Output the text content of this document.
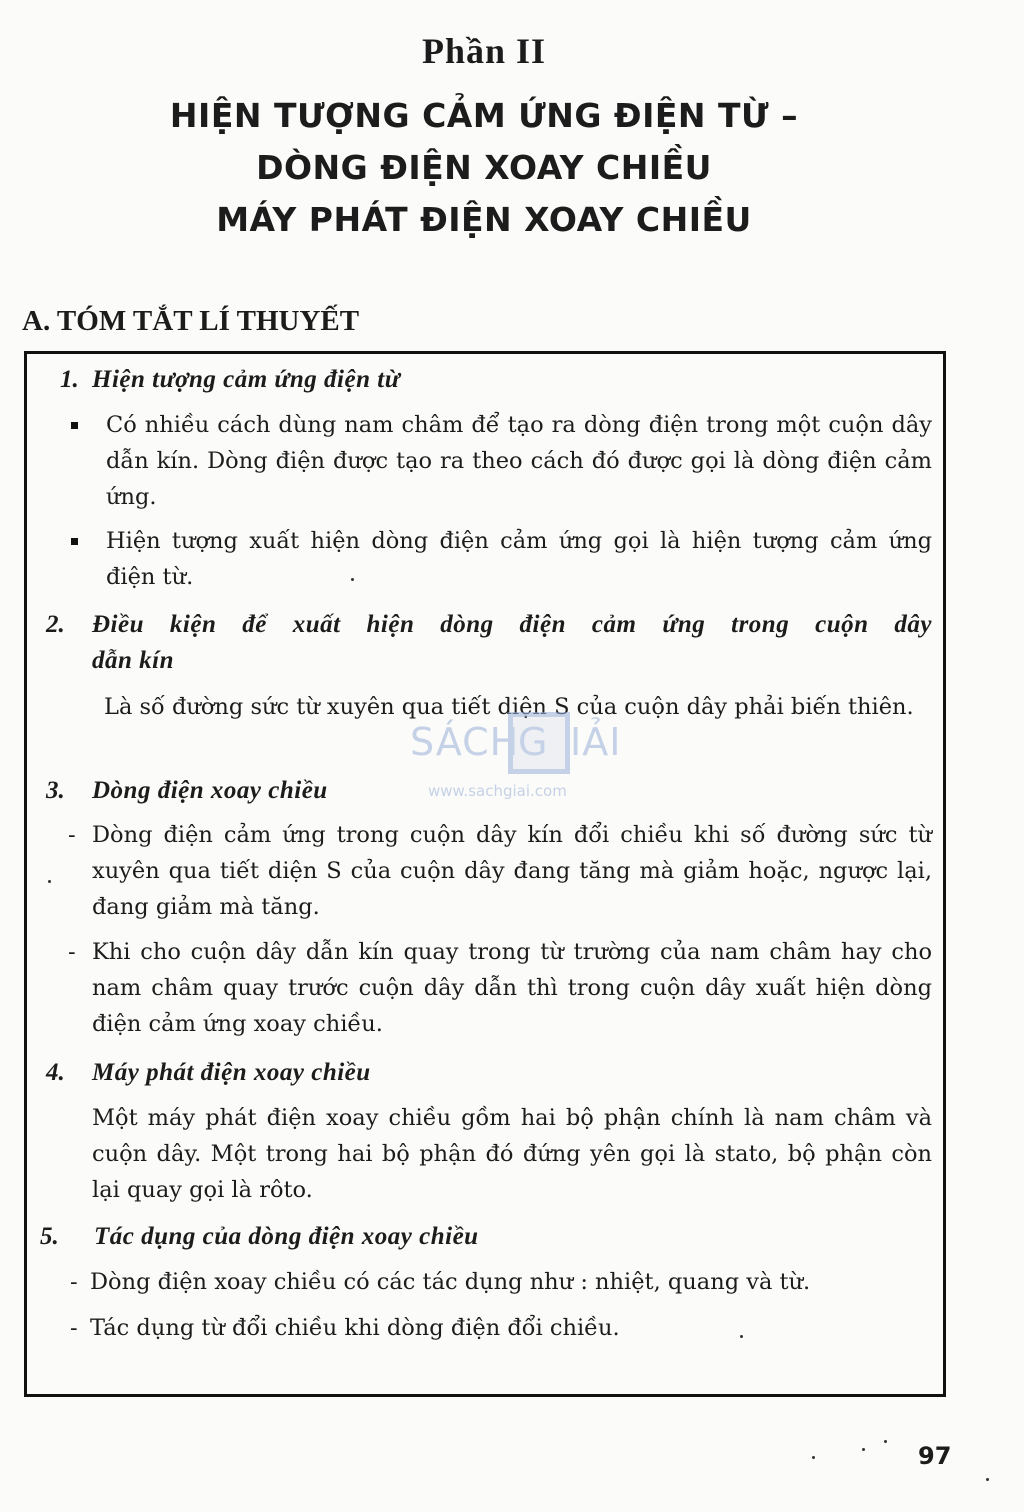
Phần II
HIỆN TƯỢNG CẢM ỨNG ĐIỆN TỪ –
DÒNG ĐIỆN XOAY CHIỀU
MÁY PHÁT ĐIỆN XOAY CHIỀU
A. TÓM TẮT LÍ THUYẾT
1. Hiện tượng cảm ứng điện từ
Có nhiều cách dùng nam châm để tạo ra dòng điện trong một cuộn dây dẫn kín. Dòng điện được tạo ra theo cách đó được gọi là dòng điện cảm ứng.
Hiện tượng xuất hiện dòng điện cảm ứng gọi là hiện tượng cảm ứng điện từ.
2. Điều kiện để xuất hiện dòng điện cảm ứng trong cuộn dây
dẫn kín
Là số đường sức từ xuyên qua tiết diện S của cuộn dây phải biến thiên.
3. Dòng điện xoay chiều
- Dòng điện cảm ứng trong cuộn dây kín đổi chiều khi số đường sức từ xuyên qua tiết diện S của cuộn dây đang tăng mà giảm hoặc, ngược lại, đang giảm mà tăng.
- Khi cho cuộn dây dẫn kín quay trong từ trường của nam châm hay cho nam châm quay trước cuộn dây dẫn thì trong cuộn dây xuất hiện dòng điện cảm ứng xoay chiều.
4. Máy phát điện xoay chiều
Một máy phát điện xoay chiều gồm hai bộ phận chính là nam châm và cuộn dây. Một trong hai bộ phận đó đứng yên gọi là stato, bộ phận còn lại quay gọi là rôto.
5. Tác dụng của dòng điện xoay chiều
- Dòng điện xoay chiều có các tác dụng như : nhiệt, quang và từ.
- Tác dụng từ đổi chiều khi dòng điện đổi chiều.
SÁCH
G IẢI
www.sachgiai.com
97
